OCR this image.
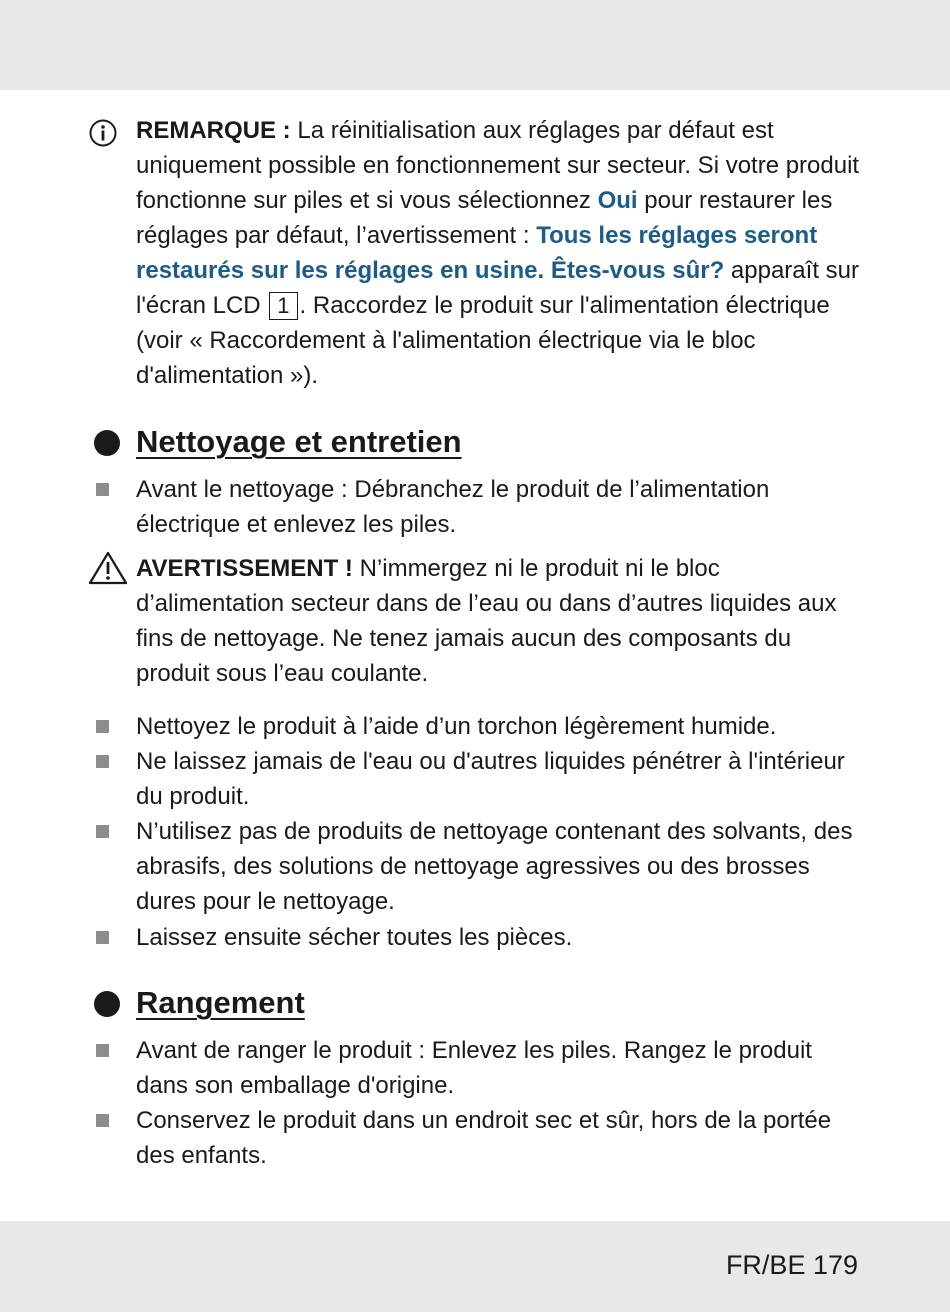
REMARQUE : La réinitialisation aux réglages par défaut est uniquement possible en fonctionnement sur secteur. Si votre produit fonctionne sur piles et si vous sélectionnez Oui pour restaurer les réglages par défaut, l’avertissement : Tous les réglages seront restaurés sur les réglages en usine. Êtes-vous sûr? apparaît sur l'écran LCD 1 . Raccordez le produit sur l'alimentation électrique (voir « Raccordement à l'alimentation électrique via le bloc d'alimentation »).
Nettoyage et entretien
Avant le nettoyage : Débranchez le produit de l’alimentation électrique et enlevez les piles.
AVERTISSEMENT ! N’immergez ni le produit ni le bloc d’alimentation secteur dans de l’eau ou dans d’autres liquides aux fins de nettoyage. Ne tenez jamais aucun des composants du produit sous l’eau coulante.
Nettoyez le produit à l’aide d’un torchon légèrement humide.
Ne laissez jamais de l'eau ou d'autres liquides pénétrer à l'intérieur du produit.
N’utilisez pas de produits de nettoyage contenant des solvants, des abrasifs, des solutions de nettoyage agressives ou des brosses dures pour le nettoyage.
Laissez ensuite sécher toutes les pièces.
Rangement
Avant de ranger le produit : Enlevez les piles. Rangez le produit dans son emballage d'origine.
Conservez le produit dans un endroit sec et sûr, hors de la portée des enfants.
FR/BE 179
